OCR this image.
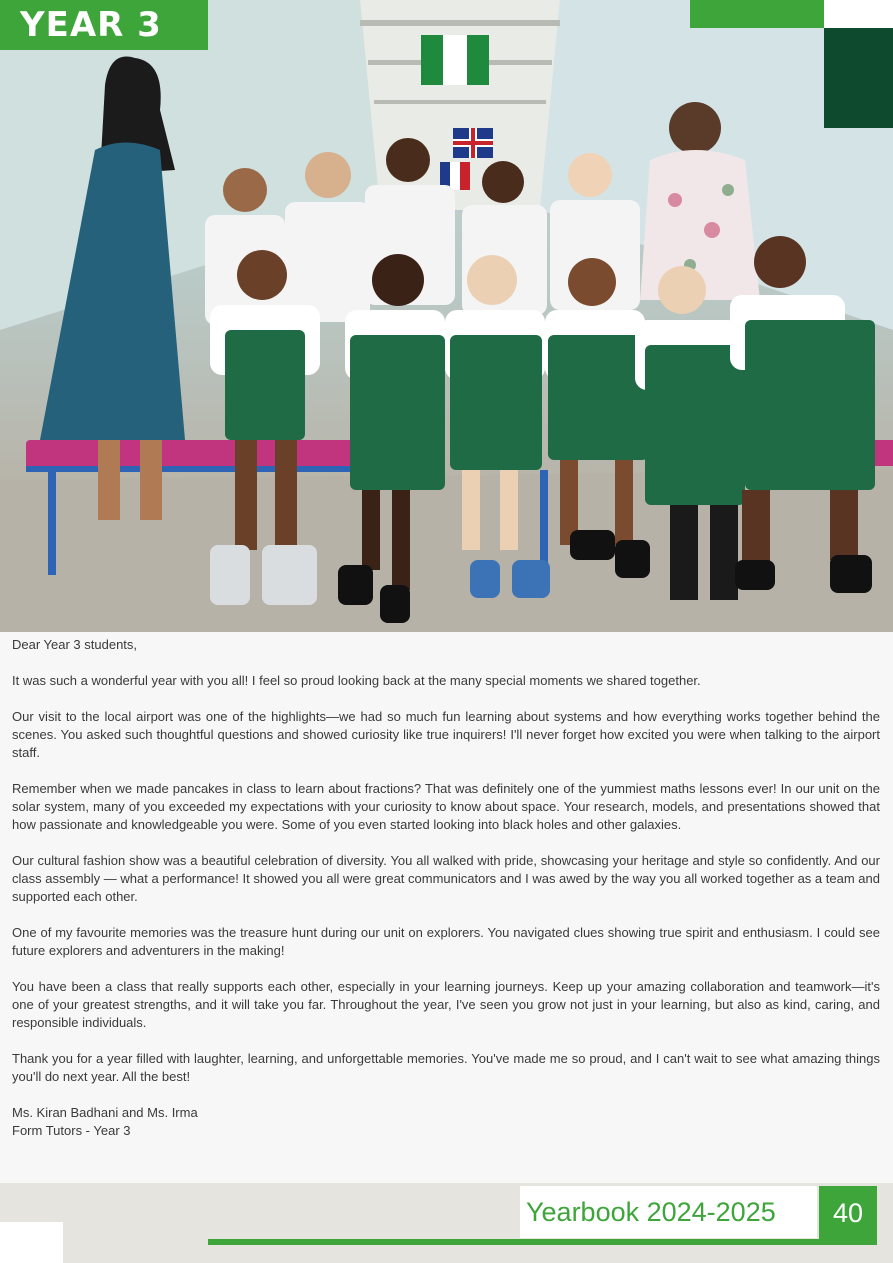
YEAR 3

Dear Year 3 students,

It was such a wonderful year with you all! I feel so proud looking back at the many special moments we shared together.

Our visit to the local airport was one of the highlights—we had so much fun learning about systems and how everything works together behind the scenes. You asked such thoughtful questions and showed curiosity like true inquirers! I'll never forget how excited you were when talking to the airport staff.

Remember when we made pancakes in class to learn about fractions? That was definitely one of the yummiest maths lessons ever! In our unit on the solar system, many of you exceeded my expectations with your curiosity to know about space. Your research, models, and presentations showed that how passionate and knowledgeable you were. Some of you even started looking into black holes and other galaxies.

Our cultural fashion show was a beautiful celebration of diversity. You all walked with pride, showcasing your heritage and style so confidently. And our class assembly — what a performance! It showed you all were great communicators and I was awed by the way you all worked together as a team and supported each other.

One of my favourite memories was the treasure hunt during our unit on explorers. You navigated clues showing true spirit and enthusiasm. I could see future explorers and adventurers in the making!

You have been a class that really supports each other, especially in your learning journeys. Keep up your amazing collaboration and teamwork—it's one of your greatest strengths, and it will take you far. Throughout the year, I've seen you grow not just in your learning, but also as kind, caring, and responsible individuals.

Thank you for a year filled with laughter, learning, and unforgettable memories. You've made me so proud, and I can't wait to see what amazing things you'll do next year. All the best!

Ms. Kiran Badhani and Ms. Irma

Form Tutors - Year 3

Yearbook 2024-2025	40
